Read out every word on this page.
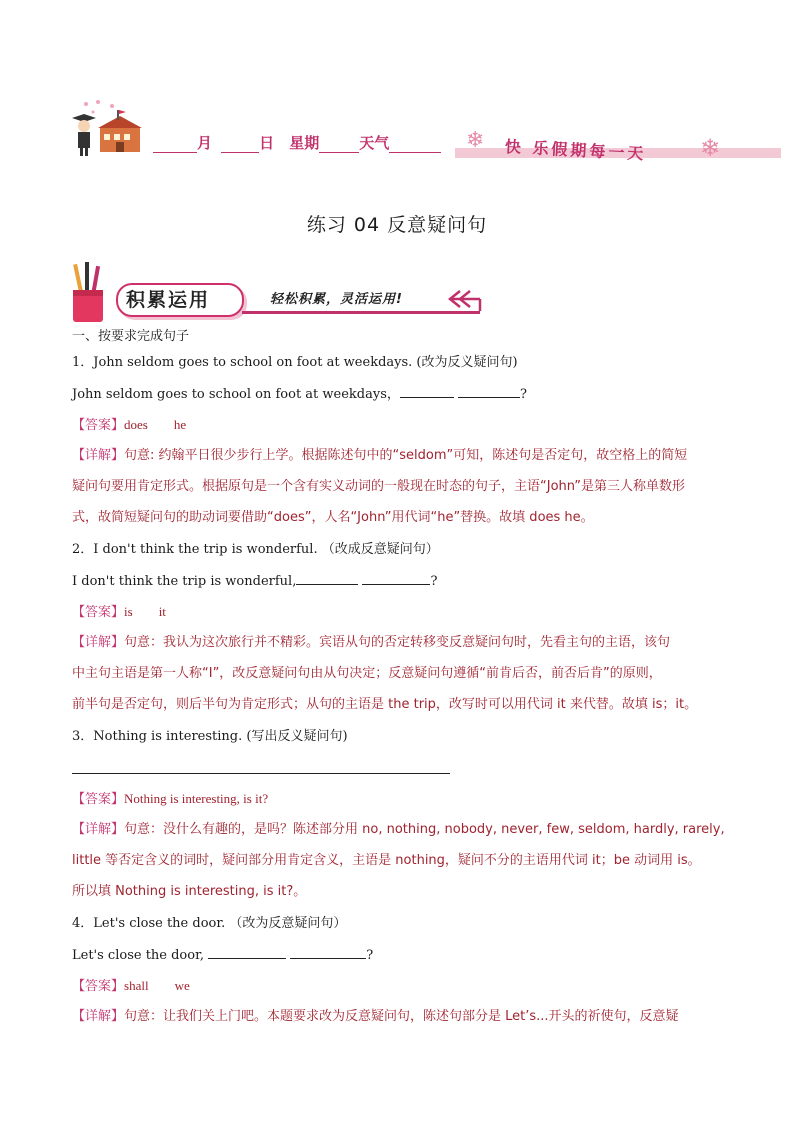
月	日 星期	天气	❄ 快 乐假期每一天 ❄
练习 04 反意疑问句
积累运用	轻松积累，灵活运用!
一、按要求完成句子
1．John seldom goes to school on foot at weekdays. (改为反义疑问句)
John seldom goes to school on foot at weekdays，	?
【答案】does he
【详解】句意: 约翰平日很少步行上学。根据陈述句中的“seldom”可知，陈述句是否定句，故空格上的简短
疑问句要用肯定形式。根据原句是一个含有实义动词的一般现在时态的句子，主语“John”是第三人称单数形
式，故简短疑问句的助动词要借助“does”，人名“John”用代词“he”替换。故填 does he。
2．I don't think the trip is wonderful. （改成反意疑问句）
I don't think the trip is wonderful,	?
【答案】is it
【详解】句意：我认为这次旅行并不精彩。宾语从句的否定转移变反意疑问句时，先看主句的主语，该句
中主句主语是第一人称“I”，改反意疑问句由从句决定；反意疑问句遵循“前肯后否，前否后肯”的原则，
前半句是否定句，则后半句为肯定形式；从句的主语是 the trip，改写时可以用代词 it 来代替。故填 is；it。
3．Nothing is interesting. (写出反义疑问句)
【答案】Nothing is interesting, is it?
【详解】句意：没什么有趣的，是吗？陈述部分用 no, nothing, nobody, never, few, seldom, hardly, rarely,
little 等否定含义的词时，疑问部分用肯定含义，主语是 nothing，疑问不分的主语用代词 it；be 动词用 is。
所以填 Nothing is interesting, is it?。
4．Let's close the door. （改为反意疑问句）
Let's close the door,	?
【答案】shall we
【详解】句意：让我们关上门吧。本题要求改为反意疑问句，陈述句部分是 Let’s...开头的祈使句，反意疑
